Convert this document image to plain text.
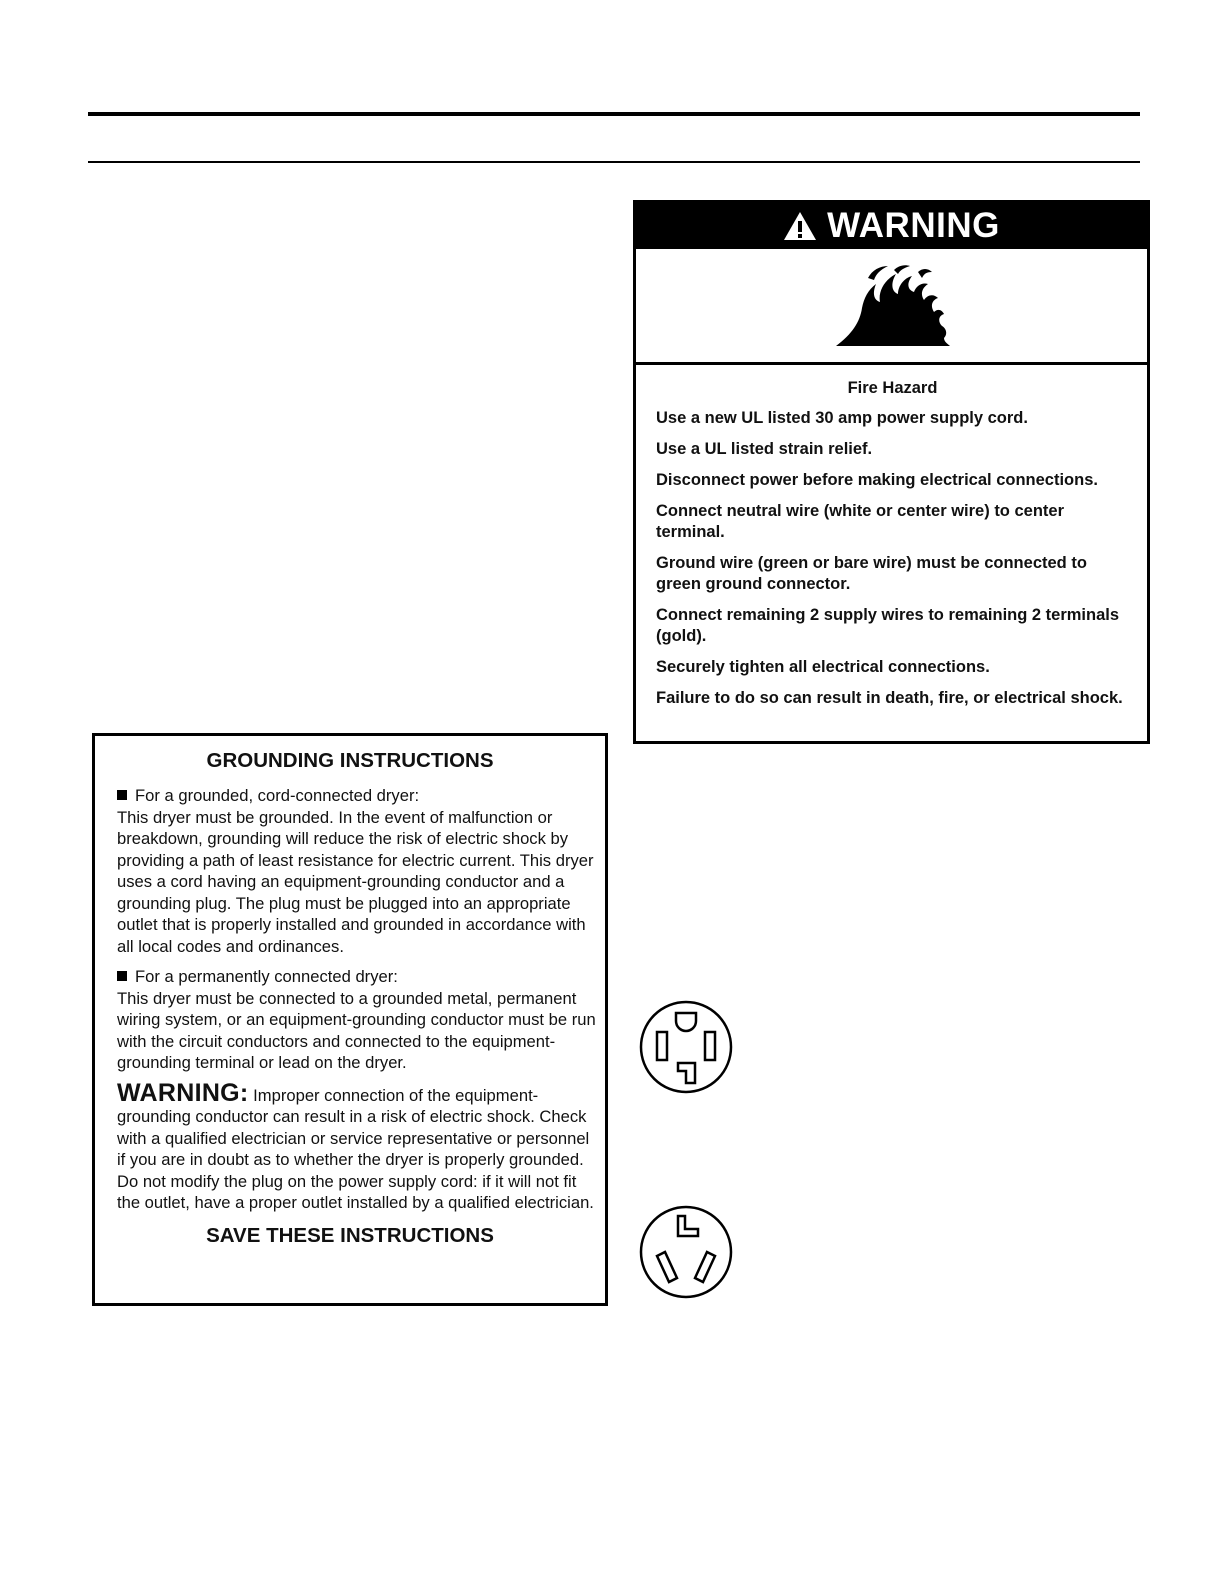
WARNING
Fire Hazard

Use a new UL listed 30 amp power supply cord.

Use a UL listed strain relief.

Disconnect power before making electrical connections.

Connect neutral wire (white or center wire) to center terminal.

Ground wire (green or bare wire) must be connected to green ground connector.

Connect remaining 2 supply wires to remaining 2 terminals (gold).

Securely tighten all electrical connections.

Failure to do so can result in death, fire, or electrical shock.

GROUNDING INSTRUCTIONS

For a grounded, cord-connected dryer:
This dryer must be grounded. In the event of malfunction or breakdown, grounding will reduce the risk of electric shock by providing a path of least resistance for electric current. This dryer uses a cord having an equipment-grounding conductor and a grounding plug. The plug must be plugged into an appropriate outlet that is properly installed and grounded in accordance with all local codes and ordinances.

For a permanently connected dryer:
This dryer must be connected to a grounded metal, permanent wiring system, or an equipment-grounding conductor must be run with the circuit conductors and connected to the equipment-grounding terminal or lead on the dryer.

WARNING: Improper connection of the equipment-grounding conductor can result in a risk of electric shock. Check with a qualified electrician or service representative or personnel if you are in doubt as to whether the dryer is properly grounded. Do not modify the plug on the power supply cord: if it will not fit the outlet, have a proper outlet installed by a qualified electrician.

SAVE THESE INSTRUCTIONS
